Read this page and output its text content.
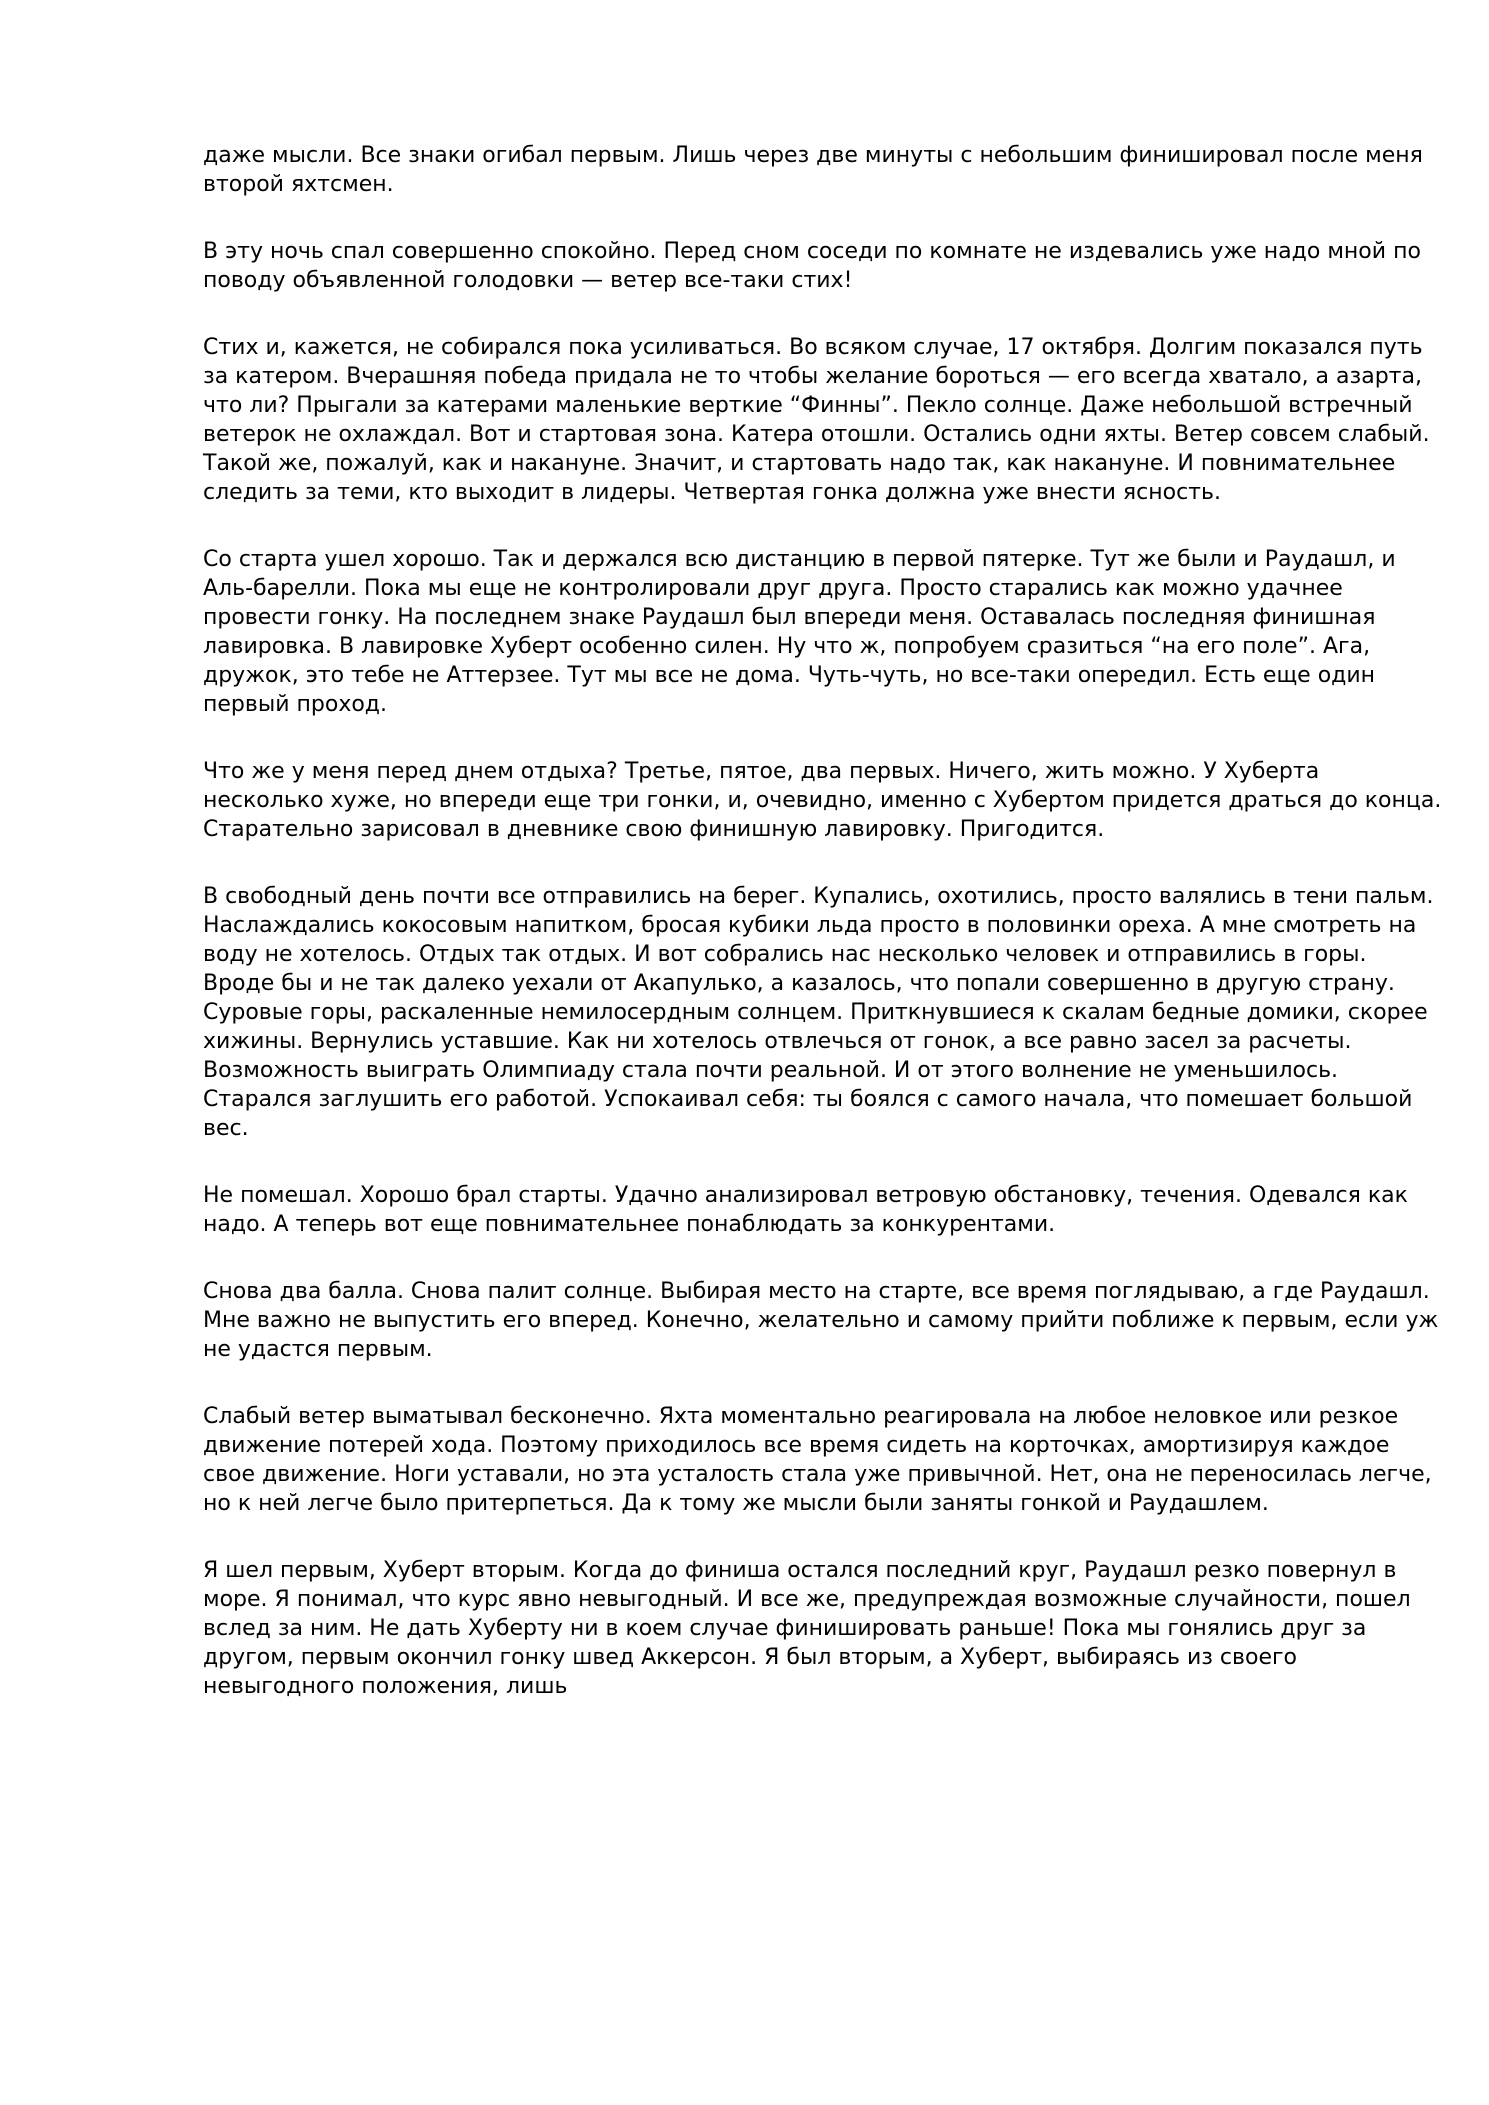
даже мысли. Все знаки огибал первым. Лишь через две минуты с небольшим финишировал после меня второй яхтсмен.

В эту ночь спал совершенно спокойно. Перед сном соседи по комнате не издевались уже надо мной по поводу объявленной голодовки — ветер все-таки стих!

Стих и, кажется, не собирался пока усиливаться. Во всяком случае, 17 октября. Долгим показался путь за катером. Вчерашняя победа придала не то чтобы желание бороться — его всегда хватало, а азарта, что ли? Прыгали за катерами маленькие верткие “Финны”. Пекло солнце. Даже небольшой встречный ветерок не охлаждал. Вот и стартовая зона. Катера отошли. Остались одни яхты. Ветер совсем слабый. Такой же, пожалуй, как и накануне. Значит, и стартовать надо так, как накануне. И повнимательнее следить за теми, кто выходит в лидеры. Четвертая гонка должна уже внести ясность.

Со старта ушел хорошо. Так и держался всю дистанцию в первой пятерке. Тут же были и Раудашл, и Аль-барелли. Пока мы еще не контролировали друг друга. Просто старались как можно удачнее провести гонку. На последнем знаке Раудашл был впереди меня. Оставалась последняя финишная лавировка. В лавировке Хуберт особенно силен. Ну что ж, попробуем сразиться “на его поле”. Ага, дружок, это тебе не Аттерзее. Тут мы все не дома. Чуть-чуть, но все-таки опередил. Есть еще один первый проход.

Что же у меня перед днем отдыха? Третье, пятое, два первых. Ничего, жить можно. У Хуберта несколько хуже, но впереди еще три гонки, и, очевидно, именно с Хубертом придется драться до конца. Старательно зарисовал в дневнике свою финишную лавировку. Пригодится.

В свободный день почти все отправились на берег. Купались, охотились, просто валялись в тени пальм. Наслаждались кокосовым напитком, бросая кубики льда просто в половинки ореха. А мне смотреть на воду не хотелось. Отдых так отдых. И вот собрались нас несколько человек и отправились в горы. Вроде бы и не так далеко уехали от Акапулько, а казалось, что попали совершенно в другую страну. Суровые горы, раскаленные немилосердным солнцем. Приткнувшиеся к скалам бедные домики, скорее хижины. Вернулись уставшие. Как ни хотелось отвлечься от гонок, а все равно засел за расчеты. Возможность выиграть Олимпиаду стала почти реальной. И от этого волнение не уменьшилось. Старался заглушить его работой. Успокаивал себя: ты боялся с самого начала, что помешает большой вес.

Не помешал. Хорошо брал старты. Удачно анализировал ветровую обстановку, течения. Одевался как надо. А теперь вот еще повнимательнее понаблюдать за конкурентами.

Снова два балла. Снова палит солнце. Выбирая место на старте, все время поглядываю, а где Раудашл. Мне важно не выпустить его вперед. Конечно, желательно и самому прийти поближе к первым, если уж не удастся первым.

Слабый ветер выматывал бесконечно. Яхта моментально реагировала на любое неловкое или резкое движение потерей хода. Поэтому приходилось все время сидеть на корточках, амортизируя каждое свое движение. Ноги уставали, но эта усталость стала уже привычной. Нет, она не переносилась легче, но к ней легче было притерпеться. Да к тому же мысли были заняты гонкой и Раудашлем.

Я шел первым, Хуберт вторым. Когда до финиша остался последний круг, Раудашл резко повернул в море. Я понимал, что курс явно невыгодный. И все же, предупреждая возможные случайности, пошел вслед за ним. Не дать Хуберту ни в коем случае финишировать раньше! Пока мы гонялись друг за другом, первым окончил гонку швед Аккерсон. Я был вторым, а Хуберт, выбираясь из своего невыгодного положения, лишь
